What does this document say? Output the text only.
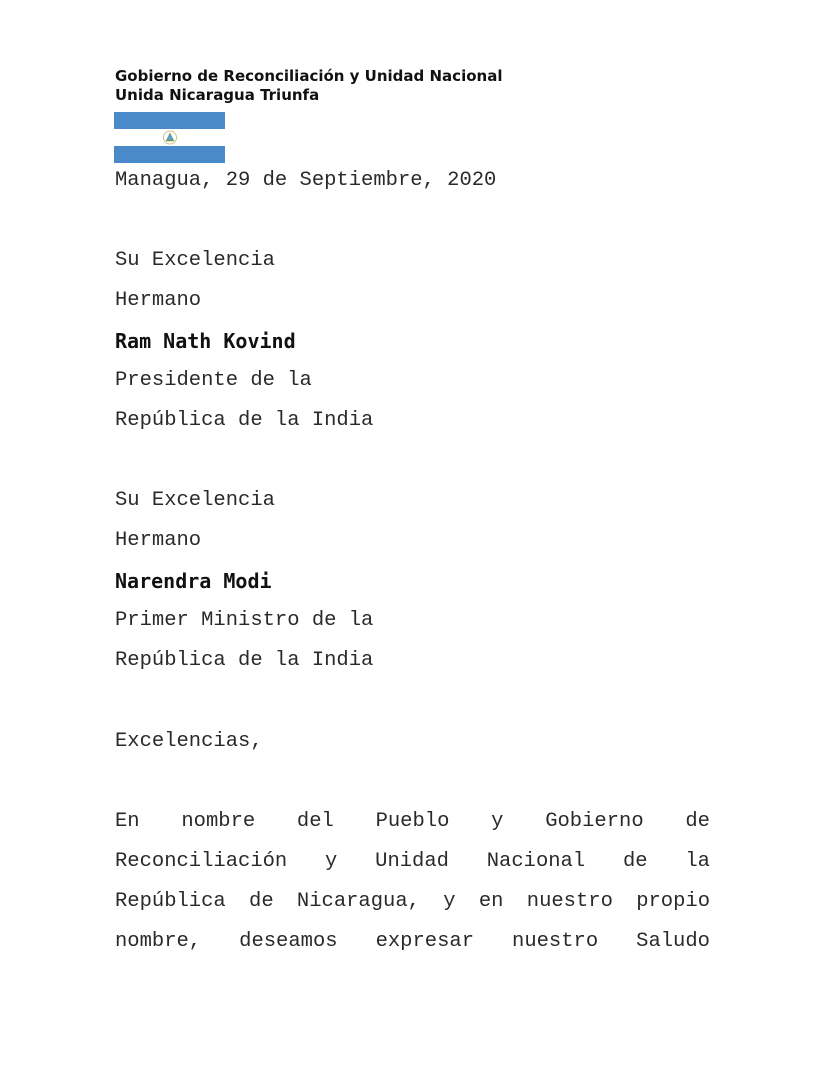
Gobierno de Reconciliación y Unidad Nacional
Unida Nicaragua Triunfa
Managua, 29 de Septiembre, 2020
Su Excelencia
Hermano
Ram Nath Kovind
Presidente de la
República de la India
Su Excelencia
Hermano
Narendra Modi
Primer Ministro de la
República de la India
Excelencias,
En nombre del Pueblo y Gobierno de
Reconciliación y Unidad Nacional de la
República de Nicaragua, y en nuestro propio
nombre, deseamos expresar nuestro Saludo
